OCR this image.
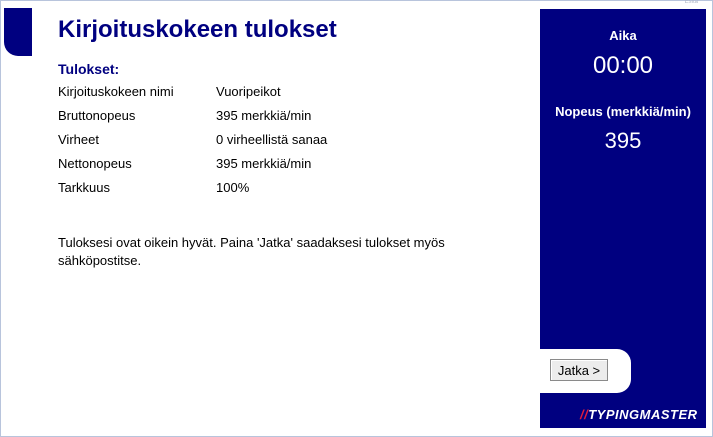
Esita
Kirjoituskokeen tulokset
Tulokset:
Kirjoituskokeen nimi	Vuoripeikot
Bruttonopeus	395 merkkiä/min
Virheet	0 virheellistä sanaa
Nettonopeus	395 merkkiä/min
Tarkkuus	100%
Tuloksesi ovat oikein hyvät. Paina 'Jatka' saadaksesi tulokset myös sähköpostitse.
Aika
00:00
Nopeus (merkkiä/min)
395
//TYPINGMASTER
Jatka >
